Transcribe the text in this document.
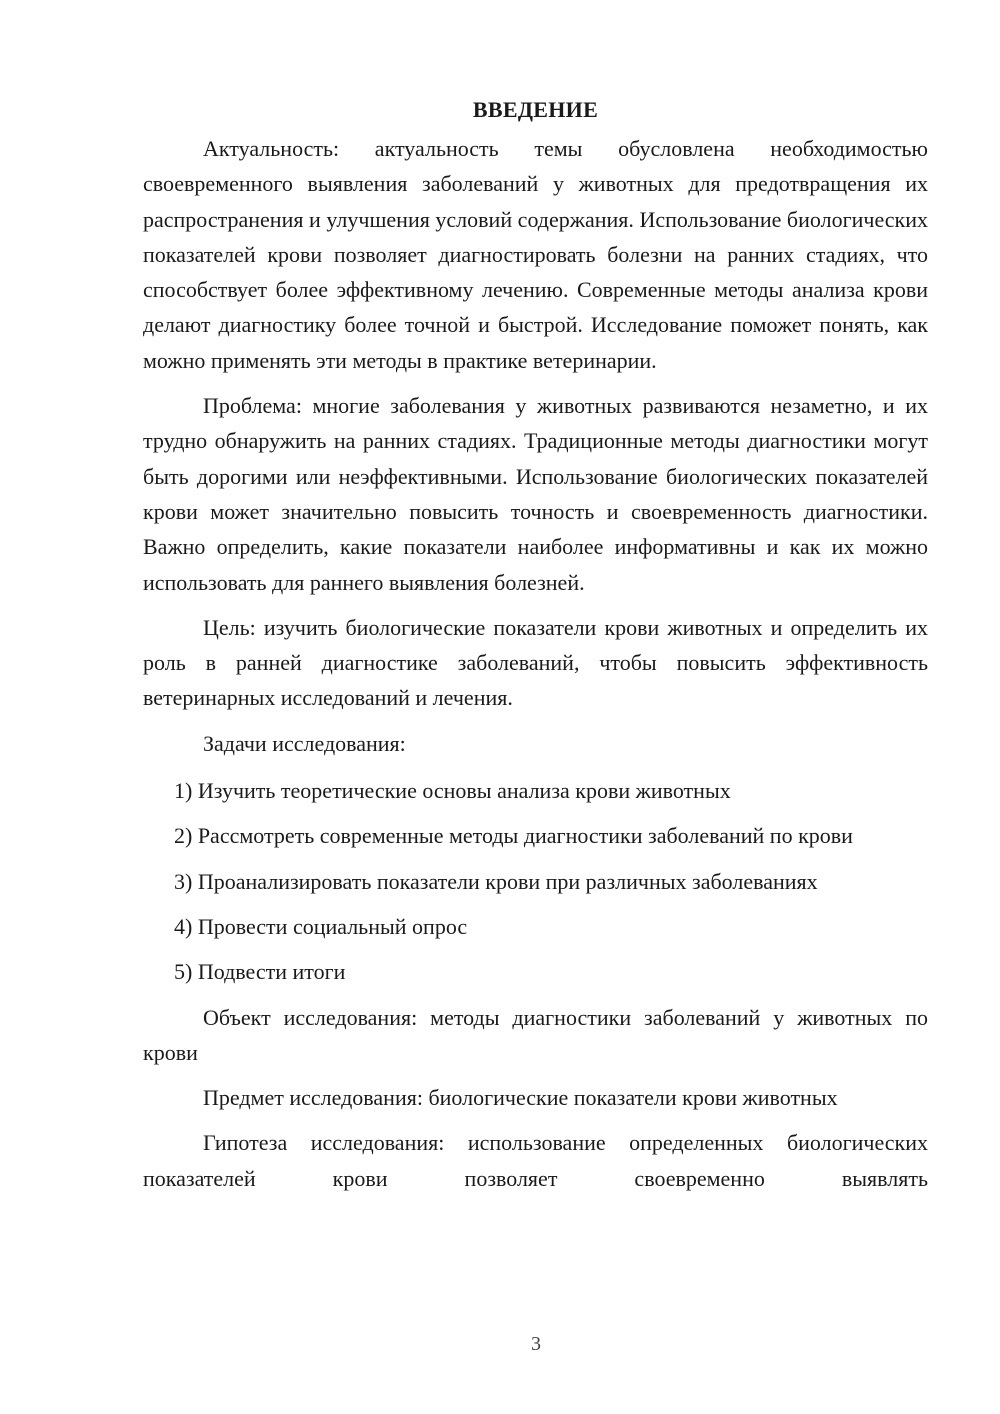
ВВЕДЕНИЕ

Актуальность: актуальность темы обусловлена необходимостью своевременного выявления заболеваний у животных для предотвращения их распространения и улучшения условий содержания. Использование биологических показателей крови позволяет диагностировать болезни на ранних стадиях, что способствует более эффективному лечению. Современные методы анализа крови делают диагностику более точной и быстрой. Исследование поможет понять, как можно применять эти методы в практике ветеринарии.

Проблема: многие заболевания у животных развиваются незаметно, и их трудно обнаружить на ранних стадиях. Традиционные методы диагностики могут быть дорогими или неэффективными. Использование биологических показателей крови может значительно повысить точность и своевременность диагностики. Важно определить, какие показатели наиболее информативны и как их можно использовать для раннего выявления болезней.

Цель: изучить биологические показатели крови животных и определить их роль в ранней диагностике заболеваний, чтобы повысить эффективность ветеринарных исследований и лечения.

Задачи исследования:

1) Изучить теоретические основы анализа крови животных

2) Рассмотреть современные методы диагностики заболеваний по крови

3) Проанализировать показатели крови при различных заболеваниях

4) Провести социальный опрос

5) Подвести итоги

Объект исследования: методы диагностики заболеваний у животных по крови

Предмет исследования: биологические показатели крови животных

Гипотеза исследования: использование определенных биологических показателей крови позволяет своевременно выявлять

3
